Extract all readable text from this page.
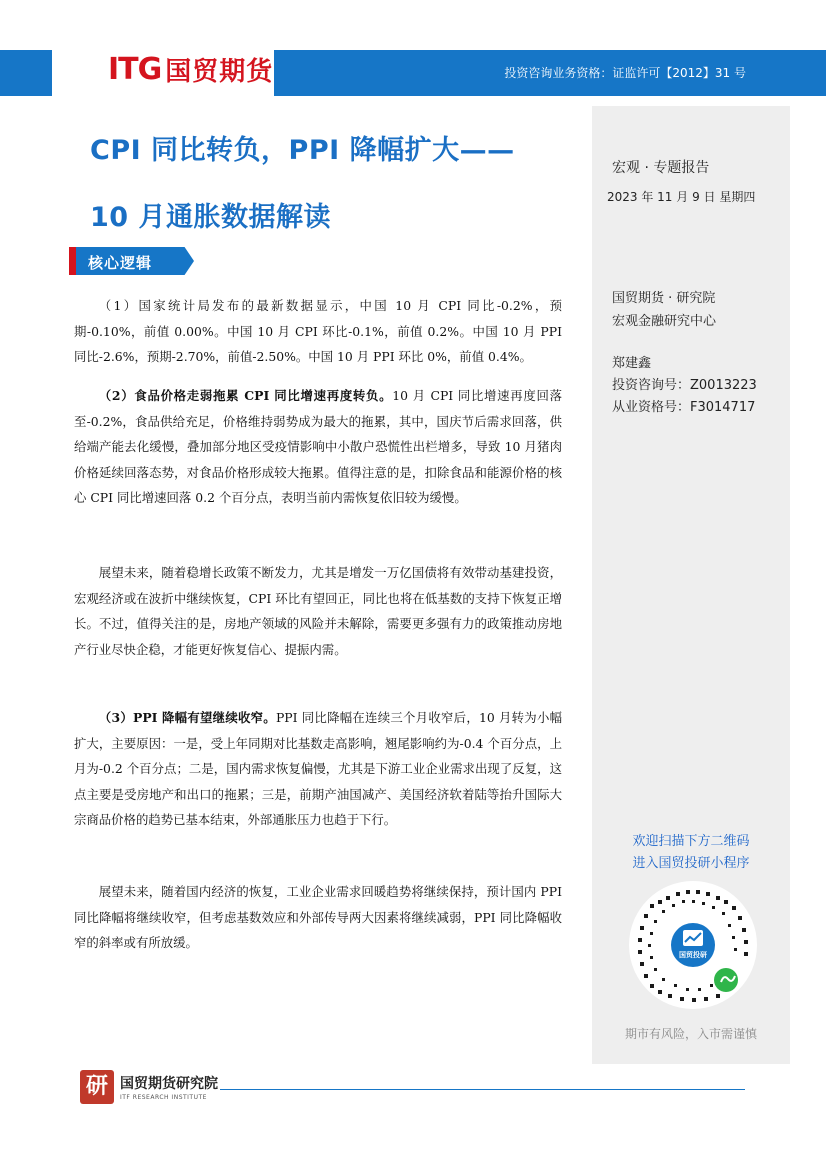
ITG 国贸期货	投资咨询业务资格：证监许可【2012】31 号
宏观 · 专题报告
2023 年 11 月 9 日 星期四
国贸期货 · 研究院
宏观金融研究中心
郑建鑫
投资咨询号：Z0013223
从业资格号：F3014717
欢迎扫描下方二维码
进入国贸投研小程序
国贸投研
期市有风险，入市需谨慎
CPI 同比转负，PPI 降幅扩大——
10 月通胀数据解读
核心逻辑

（1）国家统计局发布的最新数据显示，中国 10 月 CPI 同比-0.2%，预期-0.10%，前值 0.00%。中国 10 月 CPI 环比-0.1%，前值 0.2%。中国 10 月 PPI 同比-2.6%，预期-2.70%，前值-2.50%。中国 10 月 PPI 环比 0%，前值 0.4%。

（2）食品价格走弱拖累 CPI 同比增速再度转负。10 月 CPI 同比增速再度回落至-0.2%，食品供给充足，价格维持弱势成为最大的拖累，其中，国庆节后需求回落，供给端产能去化缓慢，叠加部分地区受疫情影响中小散户恐慌性出栏增多，导致 10 月猪肉价格延续回落态势，对食品价格形成较大拖累。值得注意的是，扣除食品和能源价格的核心 CPI 同比增速回落 0.2 个百分点，表明当前内需恢复依旧较为缓慢。

展望未来，随着稳增长政策不断发力，尤其是增发一万亿国债将有效带动基建投资，宏观经济或在波折中继续恢复，CPI 环比有望回正，同比也将在低基数的支持下恢复正增长。不过，值得关注的是，房地产领域的风险并未解除，需要更多强有力的政策推动房地产行业尽快企稳，才能更好恢复信心、提振内需。

（3）PPI 降幅有望继续收窄。PPI 同比降幅在连续三个月收窄后，10 月转为小幅扩大，主要原因：一是，受上年同期对比基数走高影响，翘尾影响约为-0.4 个百分点，上月为-0.2 个百分点；二是，国内需求恢复偏慢，尤其是下游工业企业需求出现了反复，这点主要是受房地产和出口的拖累；三是，前期产油国减产、美国经济软着陆等抬升国际大宗商品价格的趋势已基本结束，外部通胀压力也趋于下行。

展望未来，随着国内经济的恢复，工业企业需求回暖趋势将继续保持，预计国内 PPI 同比降幅将继续收窄，但考虑基数效应和外部传导两大因素将继续减弱，PPI 同比降幅收窄的斜率或有所放缓。

研 国贸期货研究院
ITF RESEARCH INSTITUTE
